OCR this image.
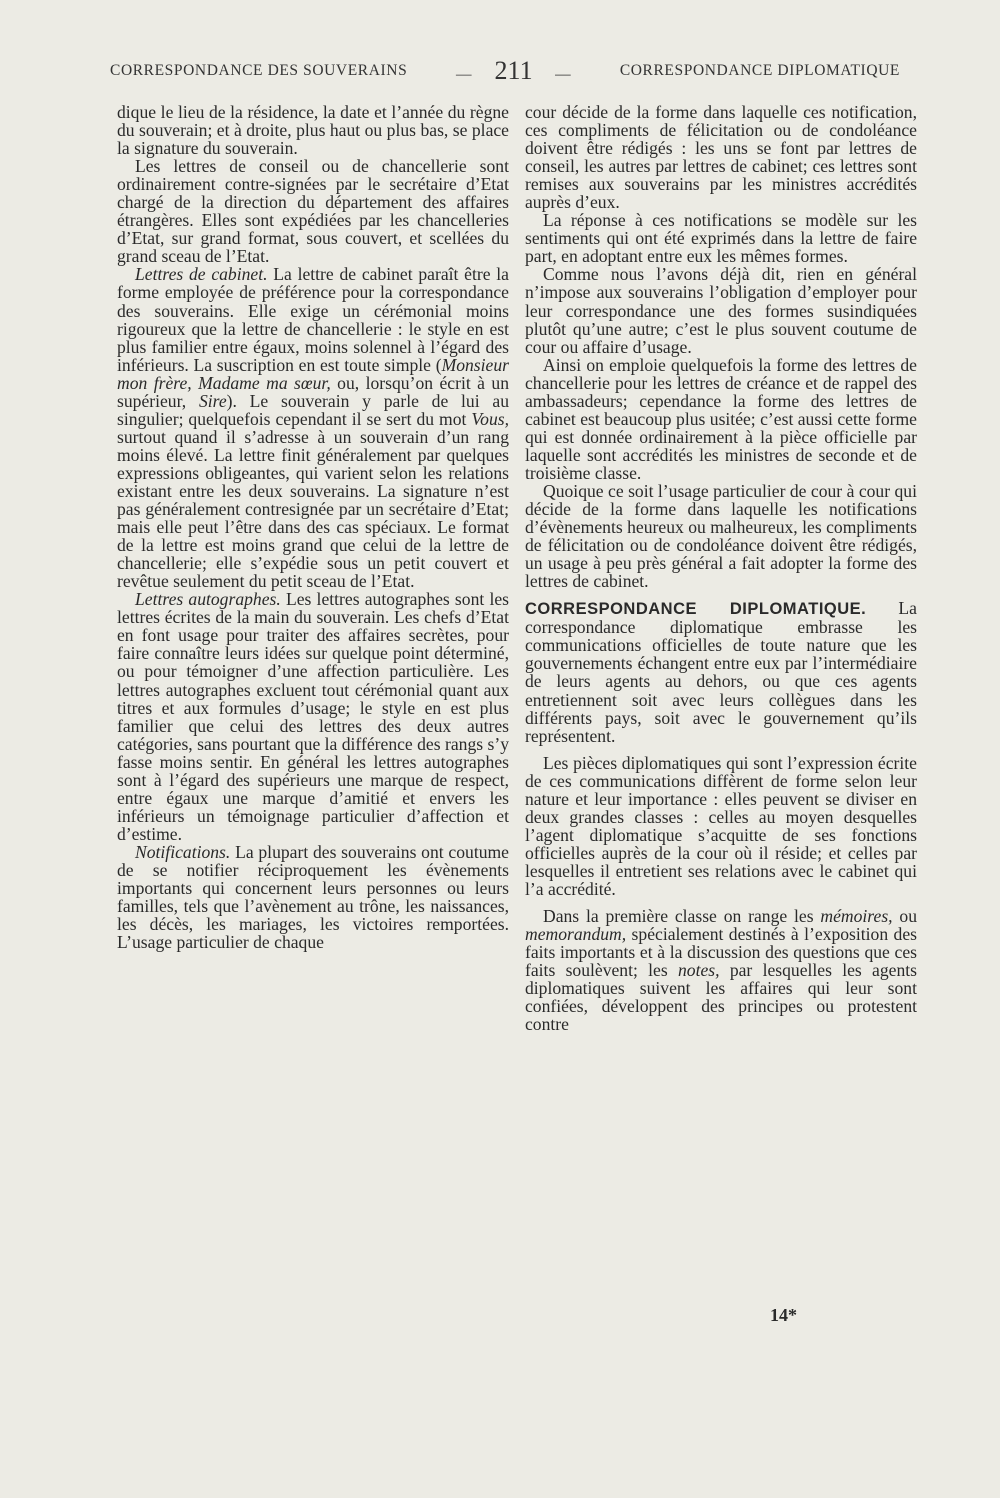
CORRESPONDANCE DES SOUVERAINS	— 211 —	CORRESPONDANCE DIPLOMATIQUE

dique le lieu de la résidence, la date et l’année du règne du souverain; et à droite, plus haut ou plus bas, se place la signature du souverain.

Les lettres de conseil ou de chancellerie sont ordinairement contre-signées par le secrétaire d’Etat chargé de la direction du département des affaires étrangères. Elles sont expédiées par les chancelleries d’Etat, sur grand format, sous couvert, et scellées du grand sceau de l’Etat.

Lettres de cabinet. La lettre de cabinet paraît être la forme employée de préférence pour la correspondance des souverains. Elle exige un cérémonial moins rigoureux que la lettre de chancellerie : le style en est plus familier entre égaux, moins solennel à l’égard des inférieurs. La suscription en est toute simple (Monsieur mon frère, Madame ma sœur, ou, lorsqu’on écrit à un supérieur, Sire). Le souverain y parle de lui au singulier; quelquefois cependant il se sert du mot Vous, surtout quand il s’adresse à un souverain d’un rang moins élevé. La lettre finit généralement par quelques expressions obligeantes, qui varient selon les relations existant entre les deux souverains. La signature n’est pas généralement contresignée par un secrétaire d’Etat; mais elle peut l’être dans des cas spéciaux. Le format de la lettre est moins grand que celui de la lettre de chancellerie; elle s’expédie sous un petit couvert et revêtue seulement du petit sceau de l’Etat.

Lettres autographes. Les lettres autographes sont les lettres écrites de la main du souverain. Les chefs d’Etat en font usage pour traiter des affaires secrètes, pour faire connaître leurs idées sur quelque point déterminé, ou pour témoigner d’une affection particulière. Les lettres autographes excluent tout cérémonial quant aux titres et aux formules d’usage; le style en est plus familier que celui des lettres des deux autres catégories, sans pourtant que la différence des rangs s’y fasse moins sentir. En général les lettres autographes sont à l’égard des supérieurs une marque de respect, entre égaux une marque d’amitié et envers les inférieurs un témoignage particulier d’affection et d’estime.

Notifications. La plupart des souverains ont coutume de se notifier réciproquement les évènements importants qui concernent leurs personnes ou leurs familles, tels que l’avènement au trône, les naissances, les décès, les mariages, les victoires remportées. L’usage particulier de chaque

cour décide de la forme dans laquelle ces notification, ces compliments de félicitation ou de condoléance doivent être rédigés : les uns se font par lettres de conseil, les autres par lettres de cabinet; ces lettres sont remises aux souverains par les ministres accrédités auprès d’eux.

La réponse à ces notifications se modèle sur les sentiments qui ont été exprimés dans la lettre de faire part, en adoptant entre eux les mêmes formes.

Comme nous l’avons déjà dit, rien en général n’impose aux souverains l’obligation d’employer pour leur correspondance une des formes susindiquées plutôt qu’une autre; c’est le plus souvent coutume de cour ou affaire d’usage.

Ainsi on emploie quelquefois la forme des lettres de chancellerie pour les lettres de créance et de rappel des ambassadeurs; cependance la forme des lettres de cabinet est beaucoup plus usitée; c’est aussi cette forme qui est donnée ordinairement à la pièce officielle par laquelle sont accrédités les ministres de seconde et de troisième classe.

Quoique ce soit l’usage particulier de cour à cour qui décide de la forme dans laquelle les notifications d’évènements heureux ou malheureux, les compliments de félicitation ou de condoléance doivent être rédigés, un usage à peu près général a fait adopter la forme des lettres de cabinet.

CORRESPONDANCE DIPLOMATIQUE. La correspondance diplomatique embrasse les communications officielles de toute nature que les gouvernements échangent entre eux par l’intermédiaire de leurs agents au dehors, ou que ces agents entretiennent soit avec leurs collègues dans les différents pays, soit avec le gouvernement qu’ils représentent.

Les pièces diplomatiques qui sont l’expression écrite de ces communications diffèrent de forme selon leur nature et leur importance : elles peuvent se diviser en deux grandes classes : celles au moyen desquelles l’agent diplomatique s’acquitte de ses fonctions officielles auprès de la cour où il réside; et celles par lesquelles il entretient ses relations avec le cabinet qui l’a accrédité.

Dans la première classe on range les mémoires, ou memorandum, spécialement destinés à l’exposition des faits importants et à la discussion des questions que ces faits soulèvent; les notes, par lesquelles les agents diplomatiques suivent les affaires qui leur sont confiées, développent des principes ou protestent contre

14*
